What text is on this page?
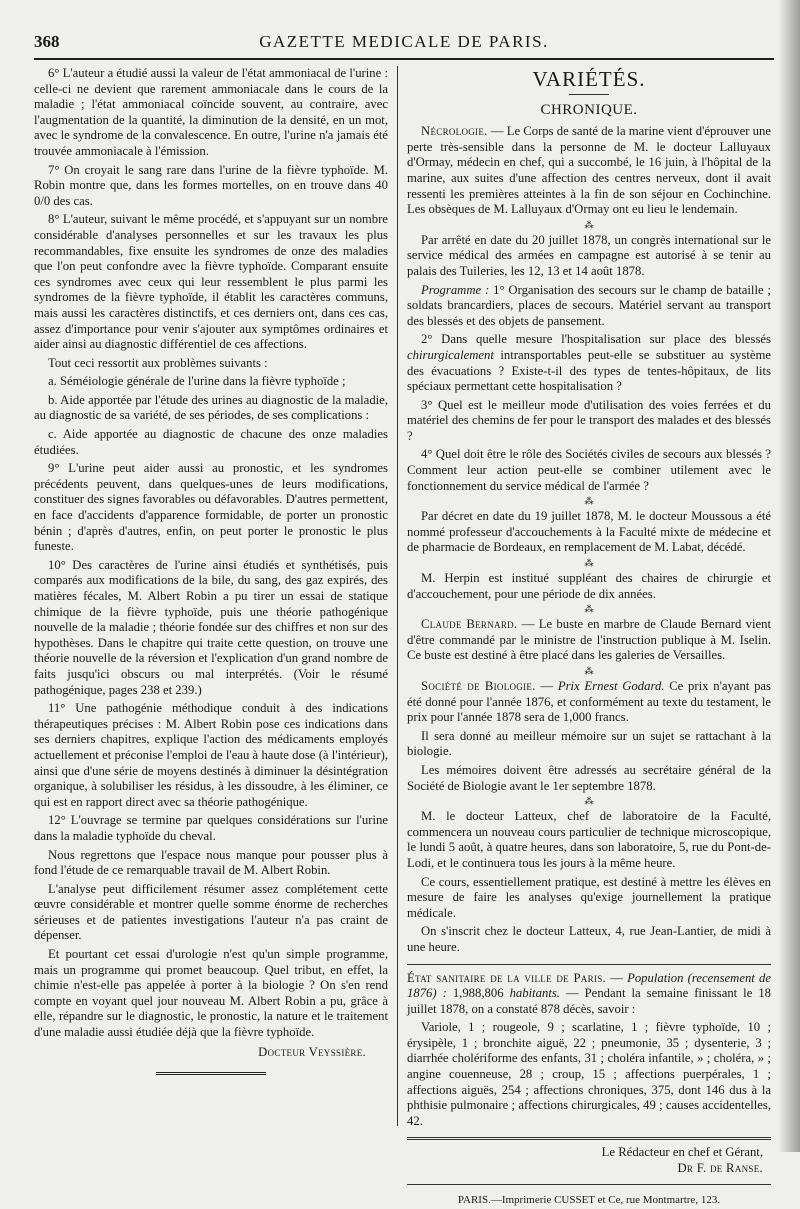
368	GAZETTE MEDICALE DE PARIS.

6° L'auteur a étudié aussi la valeur de l'état ammoniacal de l'urine : celle-ci ne devient que rarement ammoniacale dans le cours de la maladie ; l'état ammoniacal coïncide souvent, au contraire, avec l'augmentation de la quantité, la diminution de la densité, en un mot, avec le syndrome de la convalescence. En outre, l'urine n'a jamais été trouvée ammoniacale à l'émission.

7° On croyait le sang rare dans l'urine de la fièvre typhoïde. M. Robin montre que, dans les formes mortelles, on en trouve dans 40 0/0 des cas.

8° L'auteur, suivant le même procédé, et s'appuyant sur un nombre considérable d'analyses personnelles et sur les travaux les plus recommandables, fixe ensuite les syndromes de onze des maladies que l'on peut confondre avec la fièvre typhoïde. Comparant ensuite ces syndromes avec ceux qui leur ressemblent le plus parmi les syndromes de la fièvre typhoïde, il établit les caractères communs, mais aussi les caractères distinctifs, et ces derniers ont, dans ces cas, assez d'importance pour venir s'ajouter aux symptômes ordinaires et aider ainsi au diagnostic différentiel de ces affections.

Tout ceci ressortit aux problèmes suivants :

a. Séméiologie générale de l'urine dans la fièvre typhoïde ;

b. Aide apportée par l'étude des urines au diagnostic de la maladie, au diagnostic de sa variété, de ses périodes, de ses complications :

c. Aide apportée au diagnostic de chacune des onze maladies étudiées.

9° L'urine peut aider aussi au pronostic, et les syndromes précédents peuvent, dans quelques-unes de leurs modifications, constituer des signes favorables ou défavorables. D'autres permettent, en face d'accidents d'apparence formidable, de porter un pronostic bénin ; d'après d'autres, enfin, on peut porter le pronostic le plus funeste.

10° Des caractères de l'urine ainsi étudiés et synthétisés, puis comparés aux modifications de la bile, du sang, des gaz expirés, des matières fécales, M. Albert Robin a pu tirer un essai de statique chimique de la fièvre typhoïde, puis une théorie pathogénique nouvelle de la maladie ; théorie fondée sur des chiffres et non sur des hypothèses. Dans le chapitre qui traite cette question, on trouve une théorie nouvelle de la réversion et l'explication d'un grand nombre de faits jusqu'ici obscurs ou mal interprétés. (Voir le résumé pathogénique, pages 238 et 239.)

11° Une pathogénie méthodique conduit à des indications thérapeutiques précises : M. Albert Robin pose ces indications dans ses derniers chapitres, explique l'action des médicaments employés actuellement et préconise l'emploi de l'eau à haute dose (à l'intérieur), ainsi que d'une série de moyens destinés à diminuer la désintégration organique, à solubiliser les résidus, à les dissoudre, à les éliminer, ce qui est en rapport direct avec sa théorie pathogénique.

12° L'ouvrage se termine par quelques considérations sur l'urine dans la maladie typhoïde du cheval.

Nous regrettons que l'espace nous manque pour pousser plus à fond l'étude de ce remarquable travail de M. Albert Robin.

L'analyse peut difficilement résumer assez complétement cette œuvre considérable et montrer quelle somme énorme de recherches sérieuses et de patientes investigations l'auteur n'a pas craint de dépenser.

Et pourtant cet essai d'urologie n'est qu'un simple programme, mais un programme qui promet beaucoup. Quel tribut, en effet, la chimie n'est-elle pas appelée à porter à la biologie ? On s'en rend compte en voyant quel jour nouveau M. Albert Robin a pu, grâce à elle, répandre sur le diagnostic, le pronostic, la nature et le traitement d'une maladie aussi étudiée déjà que la fièvre typhoïde.

Docteur Veyssière.
VARIÉTÉS.
CHRONIQUE.

Nécrologie. — Le Corps de santé de la marine vient d'éprouver une perte très-sensible dans la personne de M. le docteur Lalluyaux d'Ormay, médecin en chef, qui a succombé, le 16 juin, à l'hôpital de la marine, aux suites d'une affection des centres nerveux, dont il avait ressenti les premières atteintes à la fin de son séjour en Cochinchine. Les obsèques de M. Lalluyaux d'Ormay ont eu lieu le lendemain.

⁂

Par arrêté en date du 20 juillet 1878, un congrès international sur le service médical des armées en campagne est autorisé à se tenir au palais des Tuileries, les 12, 13 et 14 août 1878.

Programme : 1° Organisation des secours sur le champ de bataille ; soldats brancardiers, places de secours. Matériel servant au transport des blessés et des objets de pansement.

2° Dans quelle mesure l'hospitalisation sur place des blessés chirurgicalement intransportables peut-elle se substituer au système des évacuations ? Existe-t-il des types de tentes-hôpitaux, de lits spéciaux permettant cette hospitalisation ?

3° Quel est le meilleur mode d'utilisation des voies ferrées et du matériel des chemins de fer pour le transport des malades et des blessés ?

4° Quel doit être le rôle des Sociétés civiles de secours aux blessés ? Comment leur action peut-elle se combiner utilement avec le fonctionnement du service médical de l'armée ?

⁂

Par décret en date du 19 juillet 1878, M. le docteur Moussous a été nommé professeur d'accouchements à la Faculté mixte de médecine et de pharmacie de Bordeaux, en remplacement de M. Labat, décédé.

⁂

M. Herpin est institué suppléant des chaires de chirurgie et d'accouchement, pour une période de dix années.

⁂

Claude Bernard. — Le buste en marbre de Claude Bernard vient d'être commandé par le ministre de l'instruction publique à M. Iselin. Ce buste est destiné à être placé dans les galeries de Versailles.

⁂

Société de Biologie. — Prix Ernest Godard. Ce prix n'ayant pas été donné pour l'année 1876, et conformément au texte du testament, le prix pour l'année 1878 sera de 1,000 francs.

Il sera donné au meilleur mémoire sur un sujet se rattachant à la biologie.

Les mémoires doivent être adressés au secrétaire général de la Société de Biologie avant le 1er septembre 1878.

⁂

M. le docteur Latteux, chef de laboratoire de la Faculté, commencera un nouveau cours particulier de technique microscopique, le lundi 5 août, à quatre heures, dans son laboratoire, 5, rue du Pont-de-Lodi, et le continuera tous les jours à la même heure.

Ce cours, essentiellement pratique, est destiné à mettre les élèves en mesure de faire les analyses qu'exige journellement la pratique médicale.

On s'inscrit chez le docteur Latteux, 4, rue Jean-Lantier, de midi à une heure.

État sanitaire de la ville de Paris. — Population (recensement de 1876) : 1,988,806 habitants. — Pendant la semaine finissant le 18 juillet 1878, on a constaté 878 décès, savoir :

Variole, 1 ; rougeole, 9 ; scarlatine, 1 ; fièvre typhoïde, 10 ; érysipèle, 1 ; bronchite aiguë, 22 ; pneumonie, 35 ; dysenterie, 3 ; diarrhée cholériforme des enfants, 31 ; choléra infantile, » ; choléra, » ; angine couenneuse, 28 ; croup, 15 ; affections puerpérales, 1 ; affections aiguës, 254 ; affections chroniques, 375, dont 146 dus à la phthisie pulmonaire ; affections chirurgicales, 49 ; causes accidentelles, 42.

Le Rédacteur en chef et Gérant,
Dr F. de Ranse.
PARIS.—Imprimerie CUSSET et Ce, rue Montmartre, 123.
